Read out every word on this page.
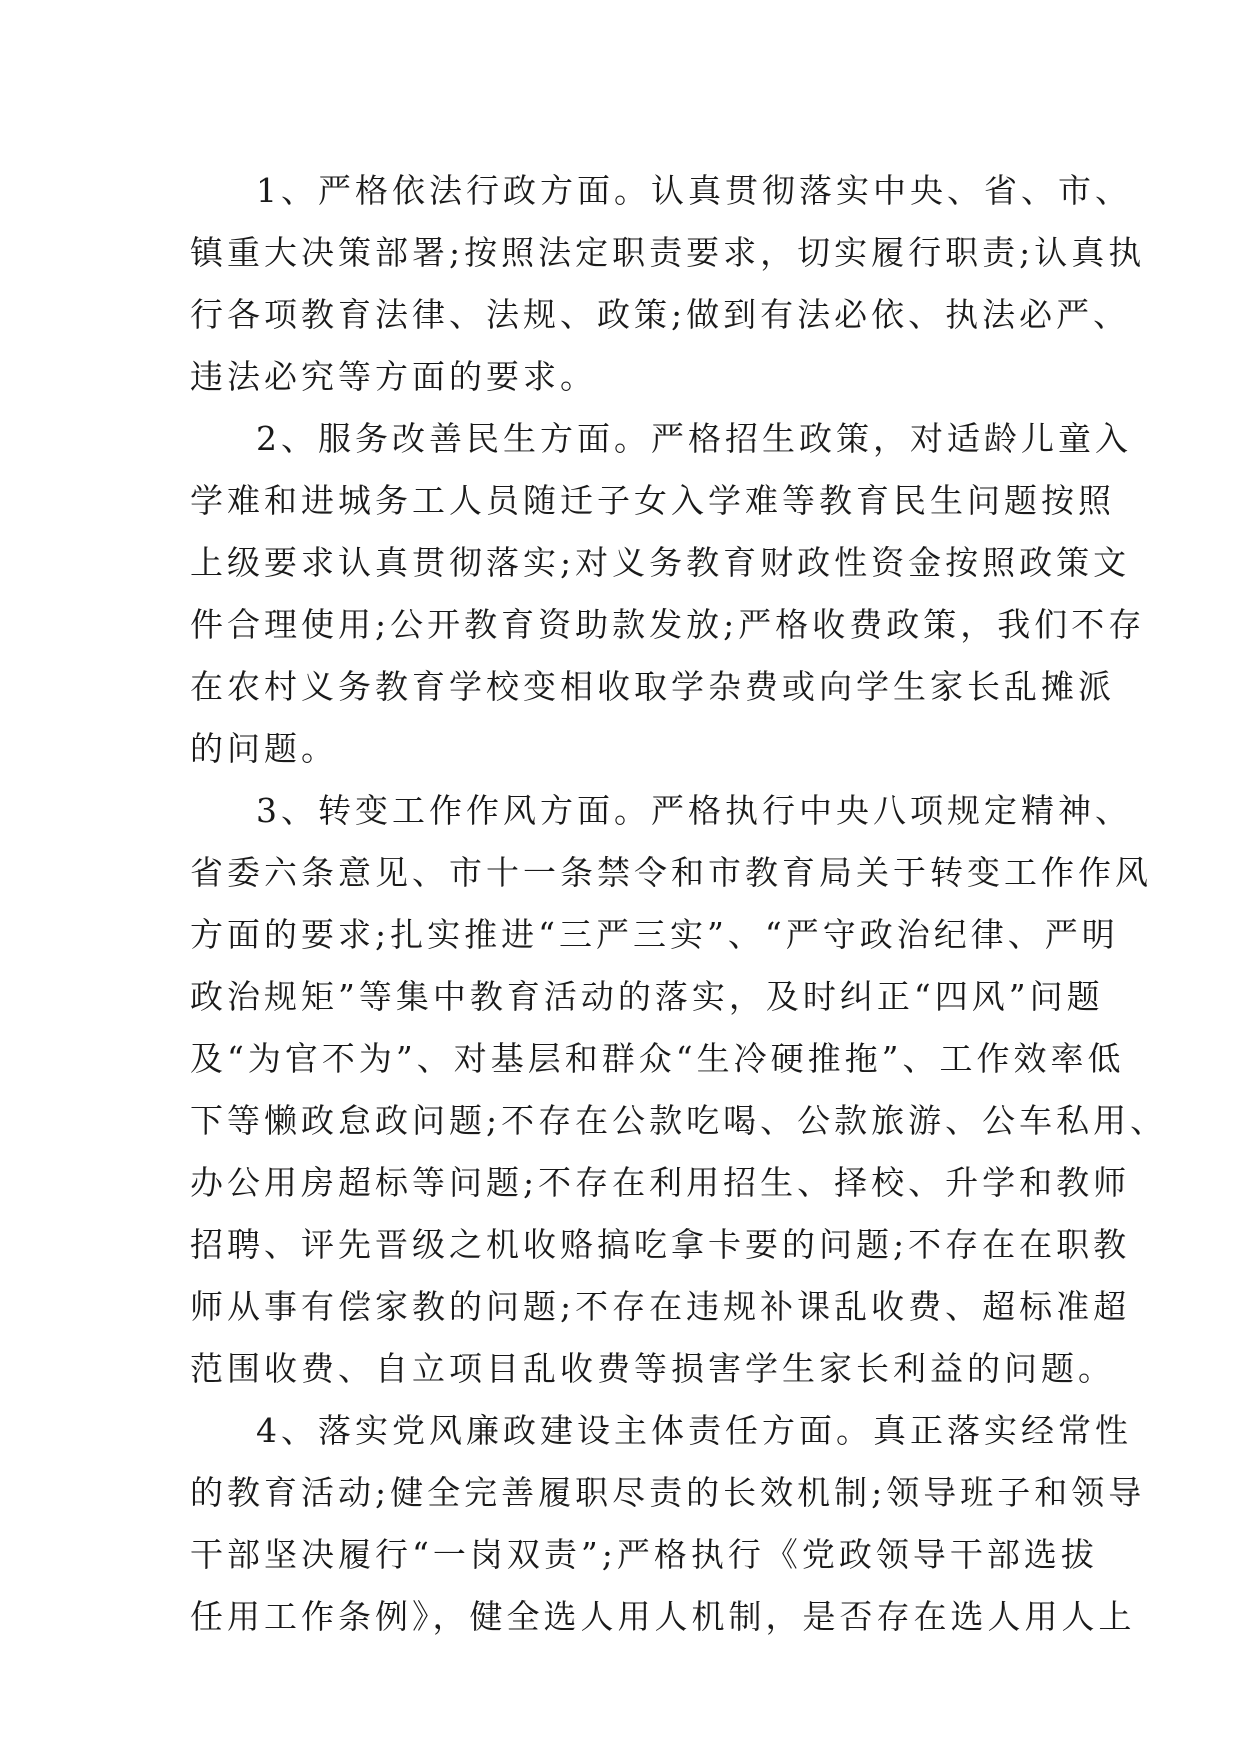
1、严格依法行政方面。认真贯彻落实中央、省、市、
镇重大决策部署;按照法定职责要求，切实履行职责;认真执
行各项教育法律、法规、政策;做到有法必依、执法必严、
违法必究等方面的要求。
2、服务改善民生方面。严格招生政策，对适龄儿童入
学难和进城务工人员随迁子女入学难等教育民生问题按照
上级要求认真贯彻落实;对义务教育财政性资金按照政策文
件合理使用;公开教育资助款发放;严格收费政策，我们不存
在农村义务教育学校变相收取学杂费或向学生家长乱摊派
的问题。
3、转变工作作风方面。严格执行中央八项规定精神、
省委六条意见、市十一条禁令和市教育局关于转变工作作风
方面的要求;扎实推进“三严三实”、“严守政治纪律、严明
政治规矩”等集中教育活动的落实，及时纠正“四风”问题
及“为官不为”、对基层和群众“生冷硬推拖”、工作效率低
下等懒政怠政问题;不存在公款吃喝、公款旅游、公车私用、
办公用房超标等问题;不存在利用招生、择校、升学和教师
招聘、评先晋级之机收赂搞吃拿卡要的问题;不存在在职教
师从事有偿家教的问题;不存在违规补课乱收费、超标准超
范围收费、自立项目乱收费等损害学生家长利益的问题。
4、落实党风廉政建设主体责任方面。真正落实经常性
的教育活动;健全完善履职尽责的长效机制;领导班子和领导
干部坚决履行“一岗双责”;严格执行《党政领导干部选拔
任用工作条例》，健全选人用人机制，是否存在选人用人上
